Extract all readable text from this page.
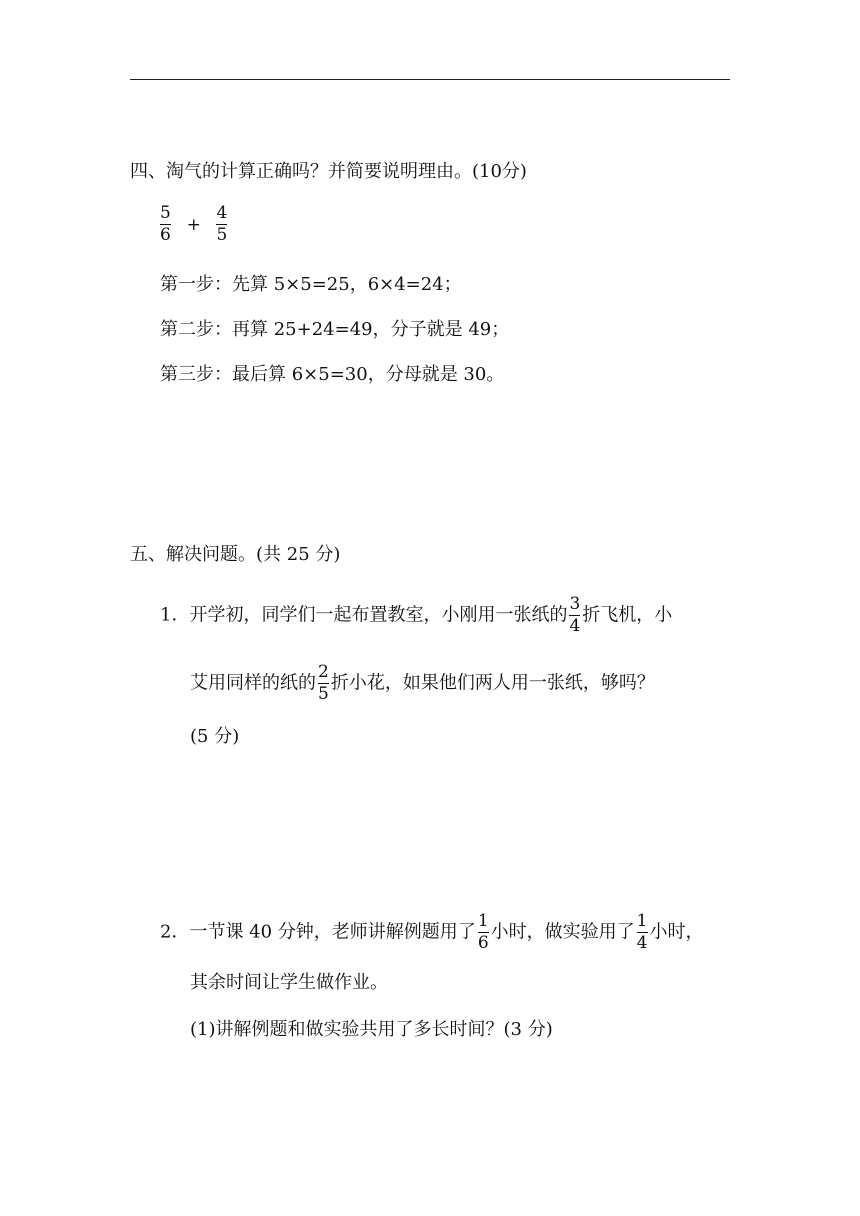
四、淘气的计算正确吗？并简要说明理由。(10分)
$\frac{5}{6} + \frac{4}{5}$
第一步：先算 5×5=25，6×4=24；
第二步：再算 25+24=49，分子就是 49；
第三步：最后算 6×5=30，分母就是 30。
五、解决问题。(共 25 分)
1．开学初，同学们一起布置教室，小刚用一张纸的 $\frac{3}{4}$ 折飞机，小
艾用同样的纸的 $\frac{2}{5}$ 折小花，如果他们两人用一张纸，够吗？
(5 分)
2．一节课 40 分钟，老师讲解例题用了 $\frac{1}{6}$ 小时，做实验用了 $\frac{1}{4}$ 小时，
其余时间让学生做作业。
(1)讲解例题和做实验共用了多长时间？(3 分)
